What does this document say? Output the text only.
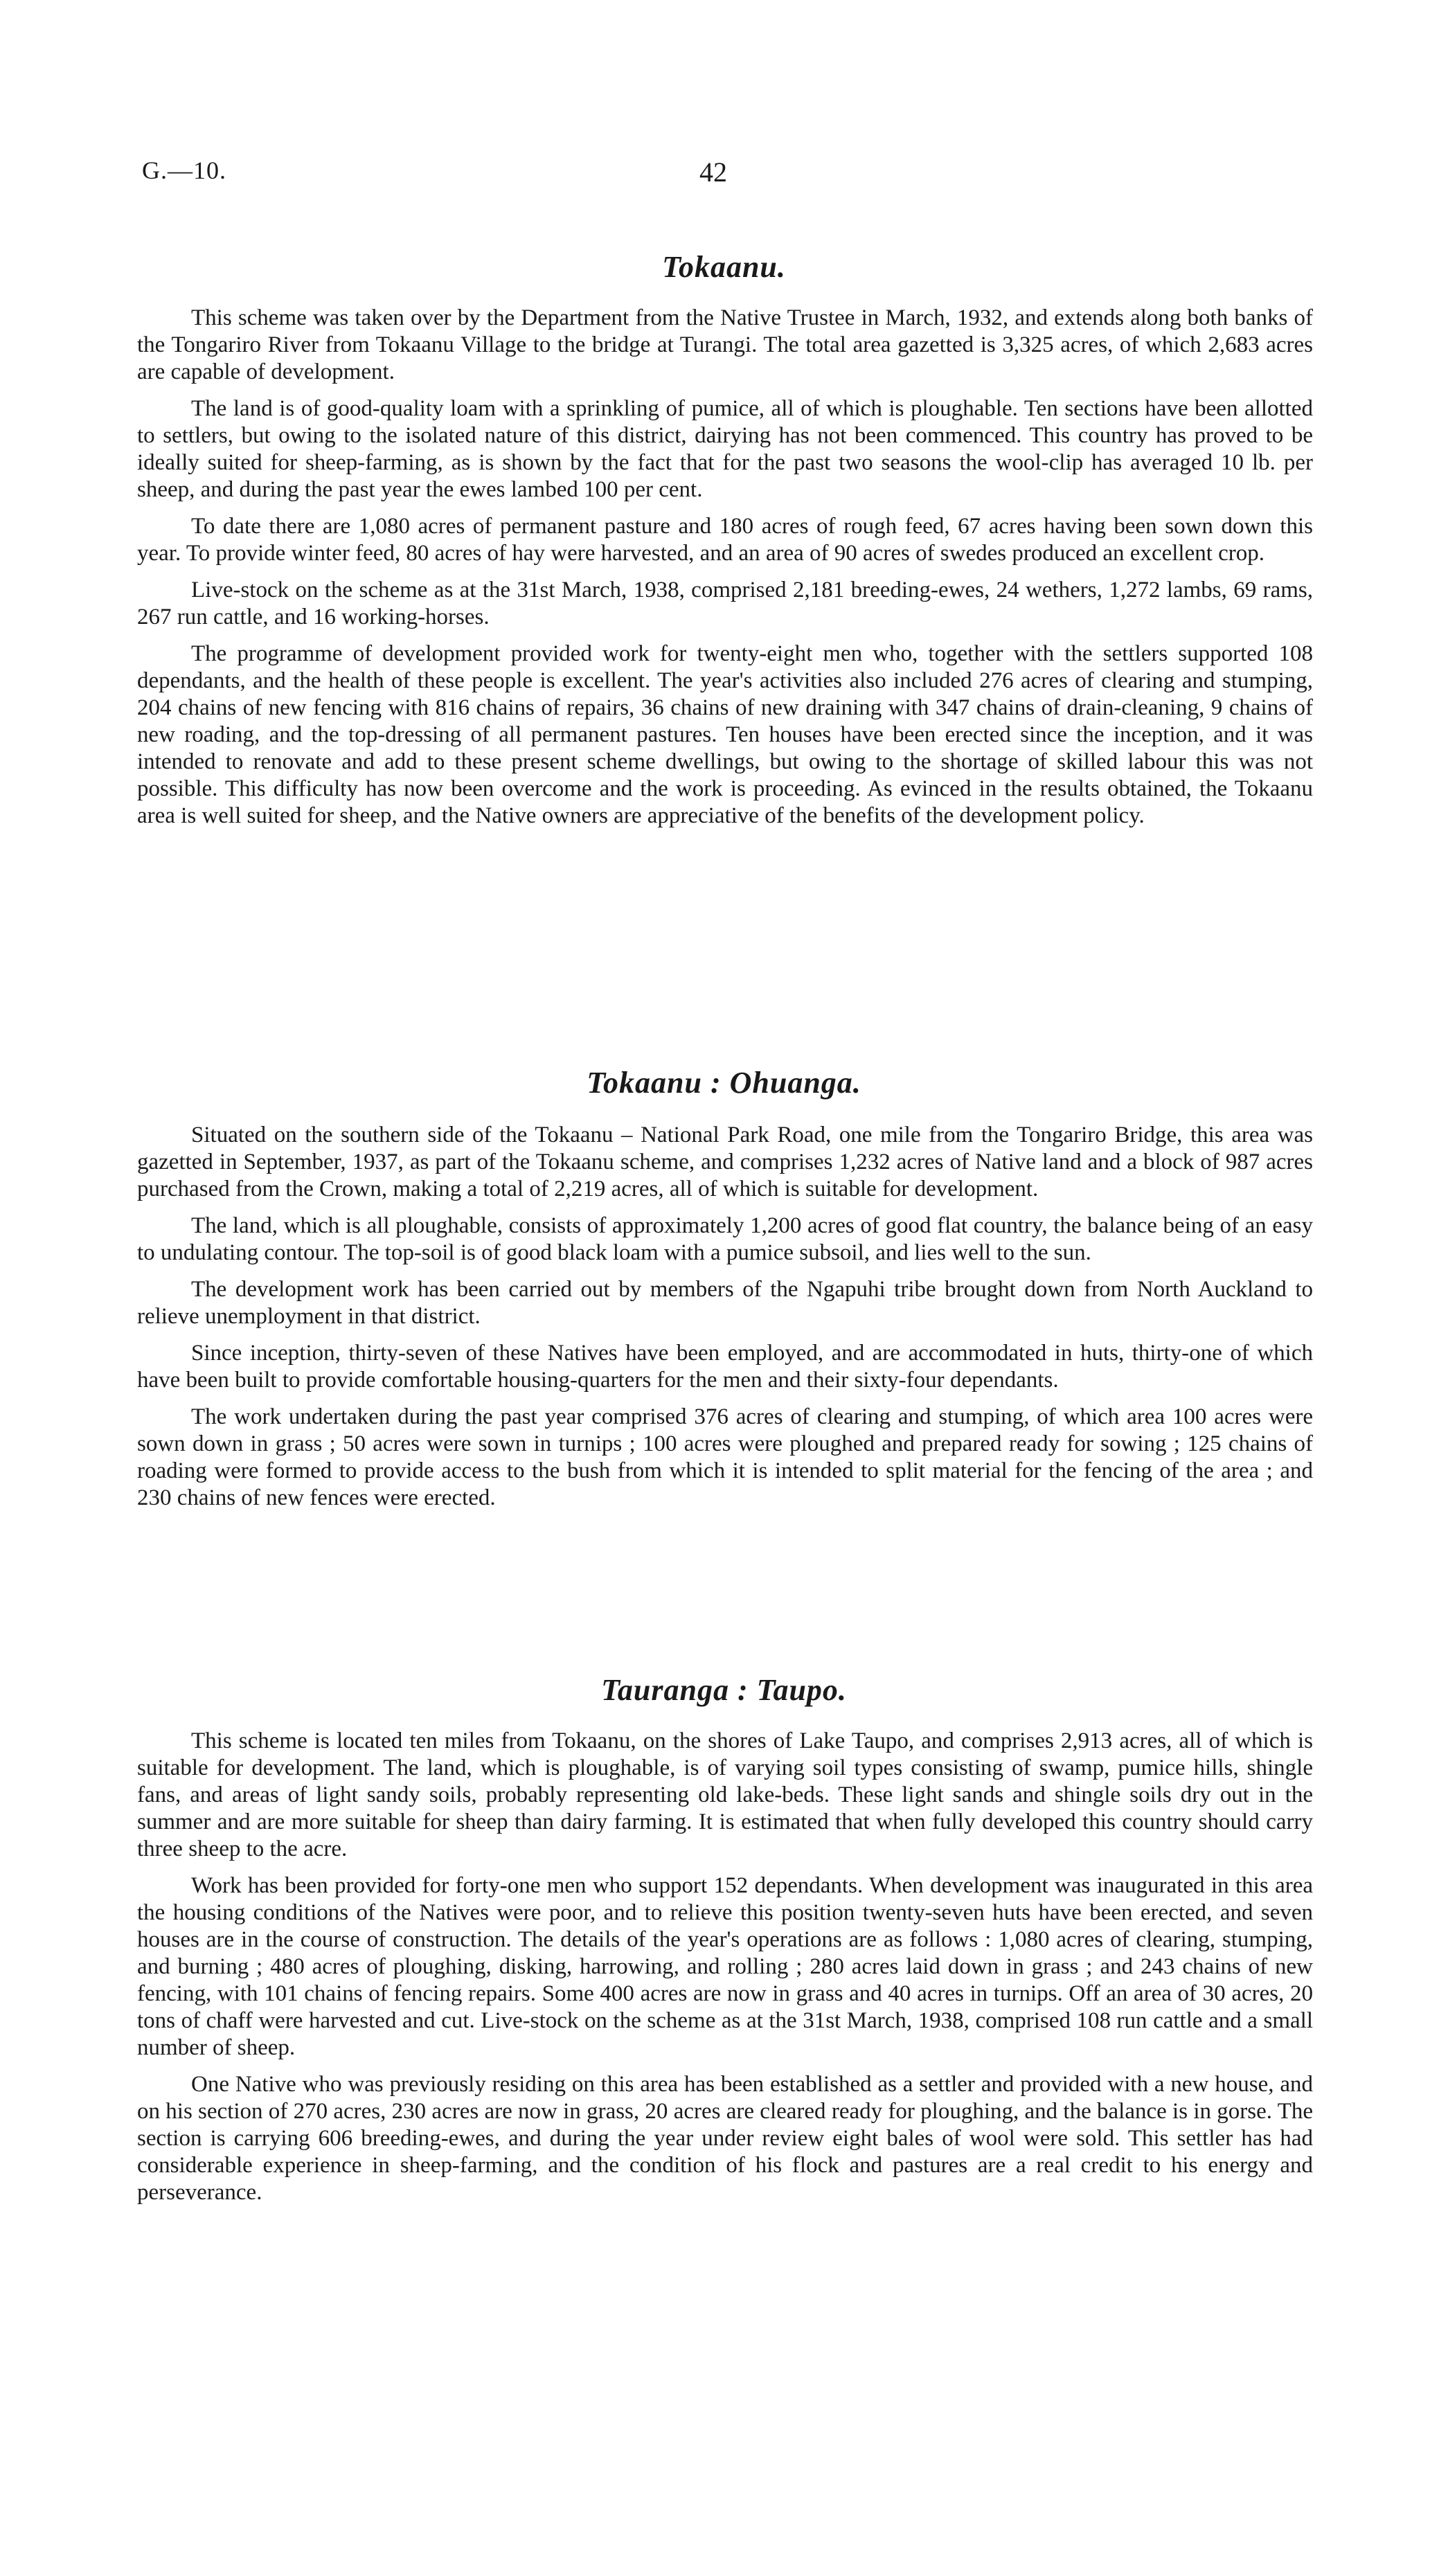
G.—10.	42
Tokaanu.

This scheme was taken over by the Department from the Native Trustee in March, 1932, and extends along both banks of the Tongariro River from Tokaanu Village to the bridge at Turangi. The total area gazetted is 3,325 acres, of which 2,683 acres are capable of development.

The land is of good-quality loam with a sprinkling of pumice, all of which is ploughable. Ten sections have been allotted to settlers, but owing to the isolated nature of this district, dairying has not been commenced. This country has proved to be ideally suited for sheep-farming, as is shown by the fact that for the past two seasons the wool-clip has averaged 10 lb. per sheep, and during the past year the ewes lambed 100 per cent.

To date there are 1,080 acres of permanent pasture and 180 acres of rough feed, 67 acres having been sown down this year. To provide winter feed, 80 acres of hay were harvested, and an area of 90 acres of swedes produced an excellent crop.

Live-stock on the scheme as at the 31st March, 1938, comprised 2,181 breeding-ewes, 24 wethers, 1,272 lambs, 69 rams, 267 run cattle, and 16 working-horses.

The programme of development provided work for twenty-eight men who, together with the settlers supported 108 dependants, and the health of these people is excellent. The year's activities also included 276 acres of clearing and stumping, 204 chains of new fencing with 816 chains of repairs, 36 chains of new draining with 347 chains of drain-cleaning, 9 chains of new roading, and the top-dressing of all permanent pastures. Ten houses have been erected since the inception, and it was intended to renovate and add to these present scheme dwellings, but owing to the shortage of skilled labour this was not possible. This difficulty has now been overcome and the work is proceeding. As evinced in the results obtained, the Tokaanu area is well suited for sheep, and the Native owners are appreciative of the benefits of the development policy.

Tokaanu : Ohuanga.

Situated on the southern side of the Tokaanu – National Park Road, one mile from the Tongariro Bridge, this area was gazetted in September, 1937, as part of the Tokaanu scheme, and comprises 1,232 acres of Native land and a block of 987 acres purchased from the Crown, making a total of 2,219 acres, all of which is suitable for development.

The land, which is all ploughable, consists of approximately 1,200 acres of good flat country, the balance being of an easy to undulating contour. The top-soil is of good black loam with a pumice subsoil, and lies well to the sun.

The development work has been carried out by members of the Ngapuhi tribe brought down from North Auckland to relieve unemployment in that district.

Since inception, thirty-seven of these Natives have been employed, and are accommodated in huts, thirty-one of which have been built to provide comfortable housing-quarters for the men and their sixty-four dependants.

The work undertaken during the past year comprised 376 acres of clearing and stumping, of which area 100 acres were sown down in grass ; 50 acres were sown in turnips ; 100 acres were ploughed and prepared ready for sowing ; 125 chains of roading were formed to provide access to the bush from which it is intended to split material for the fencing of the area ; and 230 chains of new fences were erected.

Tauranga : Taupo.

This scheme is located ten miles from Tokaanu, on the shores of Lake Taupo, and comprises 2,913 acres, all of which is suitable for development. The land, which is ploughable, is of varying soil types consisting of swamp, pumice hills, shingle fans, and areas of light sandy soils, probably representing old lake-beds. These light sands and shingle soils dry out in the summer and are more suitable for sheep than dairy farming. It is estimated that when fully developed this country should carry three sheep to the acre.

Work has been provided for forty-one men who support 152 dependants. When development was inaugurated in this area the housing conditions of the Natives were poor, and to relieve this position twenty-seven huts have been erected, and seven houses are in the course of construction. The details of the year's operations are as follows : 1,080 acres of clearing, stumping, and burning ; 480 acres of ploughing, disking, harrowing, and rolling ; 280 acres laid down in grass ; and 243 chains of new fencing, with 101 chains of fencing repairs. Some 400 acres are now in grass and 40 acres in turnips. Off an area of 30 acres, 20 tons of chaff were harvested and cut. Live-stock on the scheme as at the 31st March, 1938, comprised 108 run cattle and a small number of sheep.

One Native who was previously residing on this area has been established as a settler and provided with a new house, and on his section of 270 acres, 230 acres are now in grass, 20 acres are cleared ready for ploughing, and the balance is in gorse. The section is carrying 606 breeding-ewes, and during the year under review eight bales of wool were sold. This settler has had considerable experience in sheep-farming, and the condition of his flock and pastures are a real credit to his energy and perseverance.
